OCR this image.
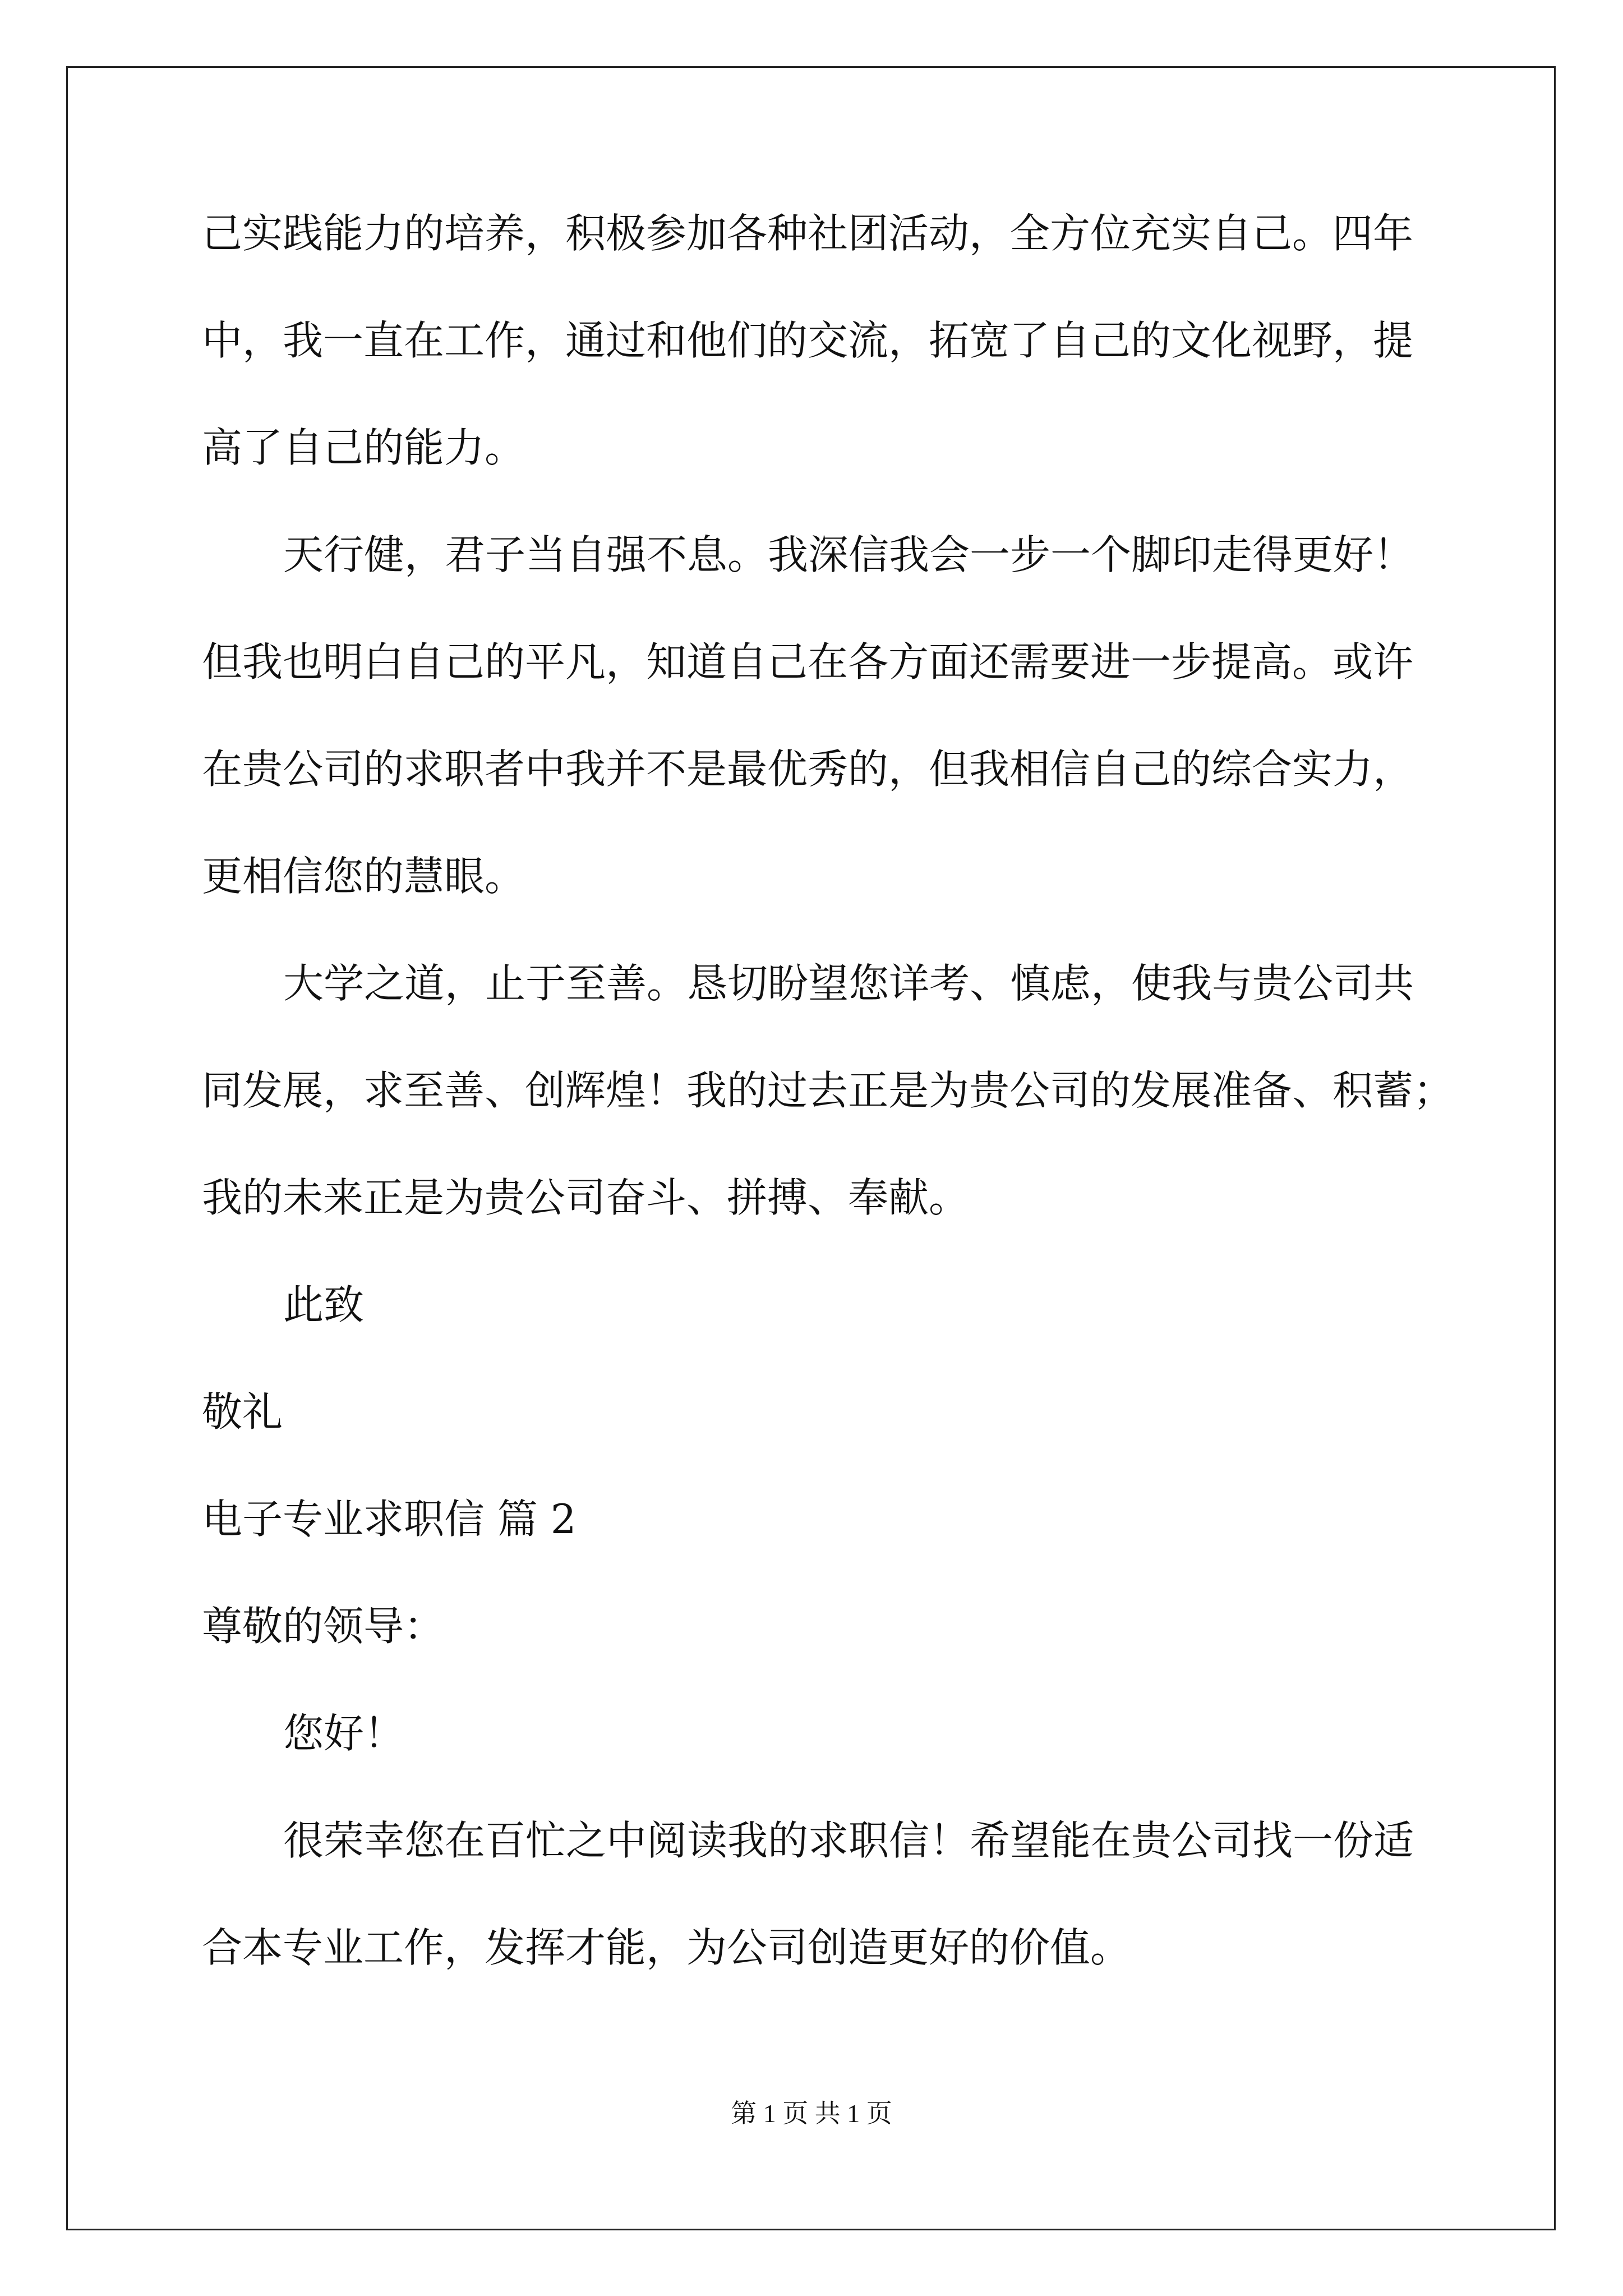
己实践能力的培养，积极参加各种社团活动，全方位充实自己。四年
中，我一直在工作，通过和他们的交流，拓宽了自己的文化视野，提
高了自己的能力。
天行健，君子当自强不息。我深信我会一步一个脚印走得更好！
但我也明白自己的平凡，知道自己在各方面还需要进一步提高。或许
在贵公司的求职者中我并不是最优秀的，但我相信自己的综合实力，
更相信您的慧眼。
大学之道，止于至善。恳切盼望您详考、慎虑，使我与贵公司共
同发展，求至善、创辉煌！我的过去正是为贵公司的发展准备、积蓄；
我的未来正是为贵公司奋斗、拼搏、奉献。
此致
敬礼
电子专业求职信 篇 2
尊敬的领导：
您好！
很荣幸您在百忙之中阅读我的求职信！希望能在贵公司找一份适
合本专业工作，发挥才能，为公司创造更好的价值。
第 1 页 共 1 页
